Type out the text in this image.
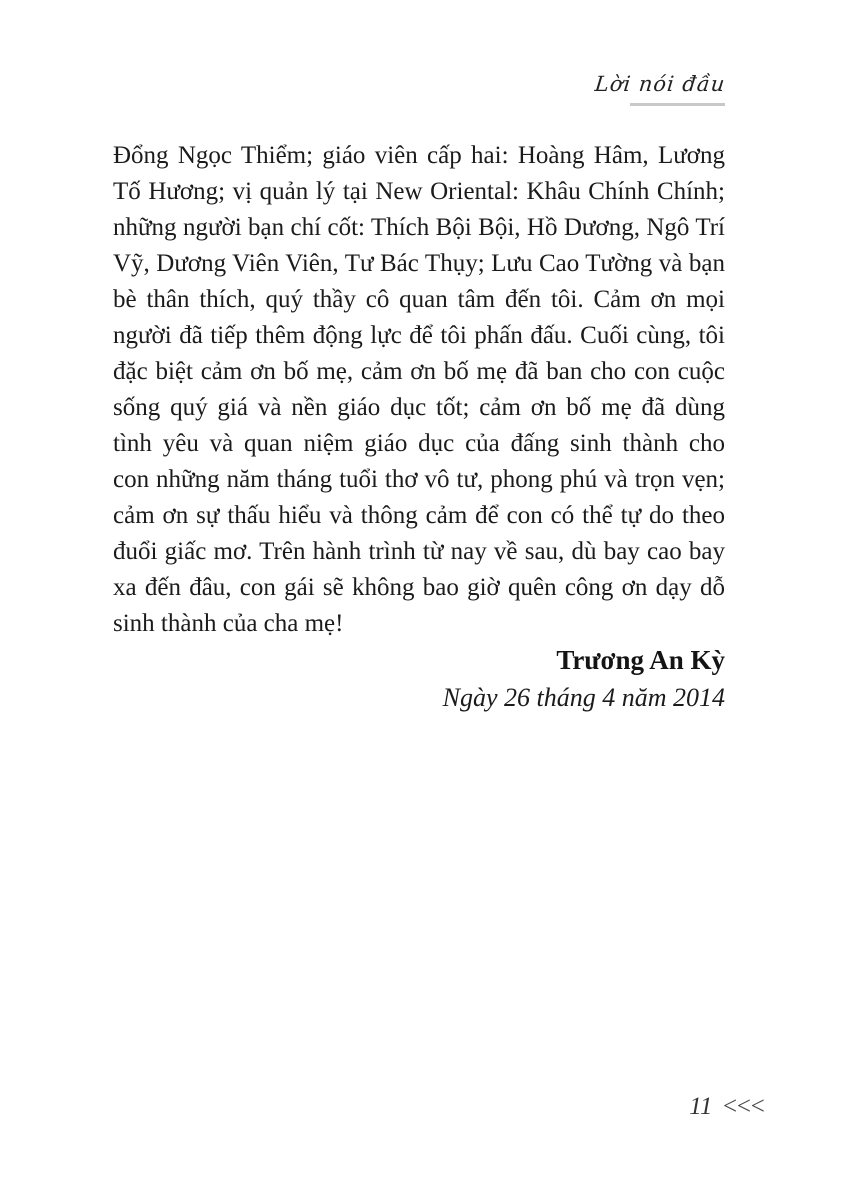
Lời nói đầu
Đổng Ngọc Thiểm; giáo viên cấp hai: Hoàng Hâm, Lương
Tố Hương; vị quản lý tại New Oriental: Khâu Chính Chính;
những người bạn chí cốt: Thích Bội Bội, Hồ Dương, Ngô Trí
Vỹ, Dương Viên Viên, Tư Bác Thụy; Lưu Cao Tường và bạn
bè thân thích, quý thầy cô quan tâm đến tôi. Cảm ơn mọi
người đã tiếp thêm động lực để tôi phấn đấu. Cuối cùng, tôi
đặc biệt cảm ơn bố mẹ, cảm ơn bố mẹ đã ban cho con cuộc
sống quý giá và nền giáo dục tốt; cảm ơn bố mẹ đã dùng
tình yêu và quan niệm giáo dục của đấng sinh thành cho
con những năm tháng tuổi thơ vô tư, phong phú và trọn vẹn;
cảm ơn sự thấu hiểu và thông cảm để con có thể tự do theo
đuổi giấc mơ. Trên hành trình từ nay về sau, dù bay cao bay
xa đến đâu, con gái sẽ không bao giờ quên công ơn dạy dỗ
sinh thành của cha mẹ!
Trương An Kỳ
Ngày 26 tháng 4 năm 2014
11 <<<
